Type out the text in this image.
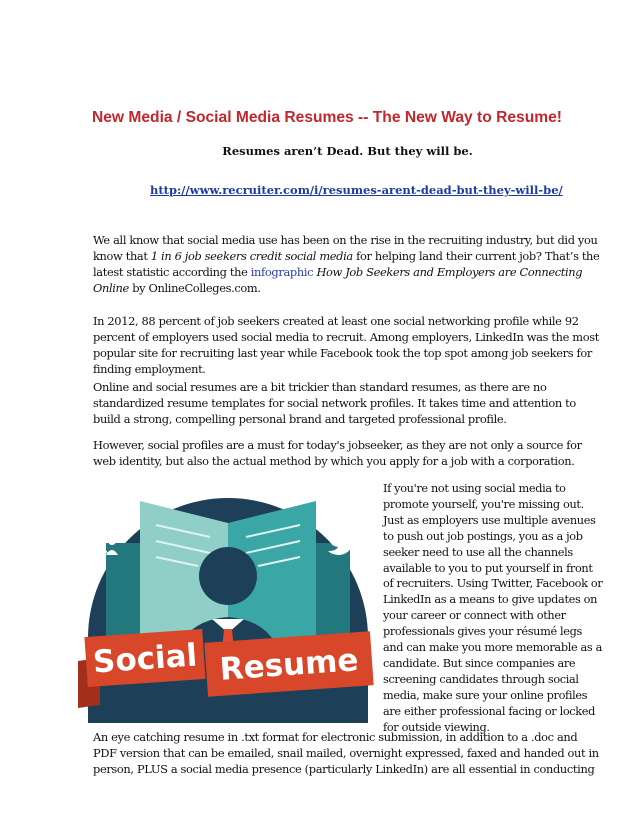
New Media / Social Media Resumes -- The New Way to Resume!
Resumes aren’t Dead. But they will be.
http://www.recruiter.com/i/resumes-arent-dead-but-they-will-be/

We all know that social media use has been on the rise in the recruiting industry, but did you know that 1 in 6 job seekers credit social media for helping land their current job? That’s the latest statistic according the infographic How Job Seekers and Employers are Connecting Online by OnlineColleges.com.

In 2012, 88 percent of job seekers created at least one social networking profile while 92 percent of employers used social media to recruit. Among employers, LinkedIn was the most popular site for recruiting last year while Facebook took the top spot among job seekers for finding employment.

Online and social resumes are a bit trickier than standard resumes, as there are no standardized resume templates for social network profiles. It takes time and attention to build a strong, compelling personal brand and targeted professional profile.

However, social profiles are a must for today's jobseeker, as they are not only a source for web identity, but also the actual method by which you apply for a job with a corporation.

Social Resume

If you're not using social media to promote yourself, you're missing out. Just as employers use multiple avenues to push out job postings, you as a job seeker need to use all the channels available to you to put yourself in front of recruiters. Using Twitter, Facebook or LinkedIn as a means to give updates on your career or connect with other professionals gives your résumé legs and can make you more memorable as a candidate. But since companies are screening candidates through social media, make sure your online profiles are either professional facing or locked for outside viewing.

An eye catching resume in .txt format for electronic submission, in addition to a .doc and PDF version that can be emailed, snail mailed, overnight expressed, faxed and handed out in person, PLUS a social media presence (particularly LinkedIn) are all essential in conducting
